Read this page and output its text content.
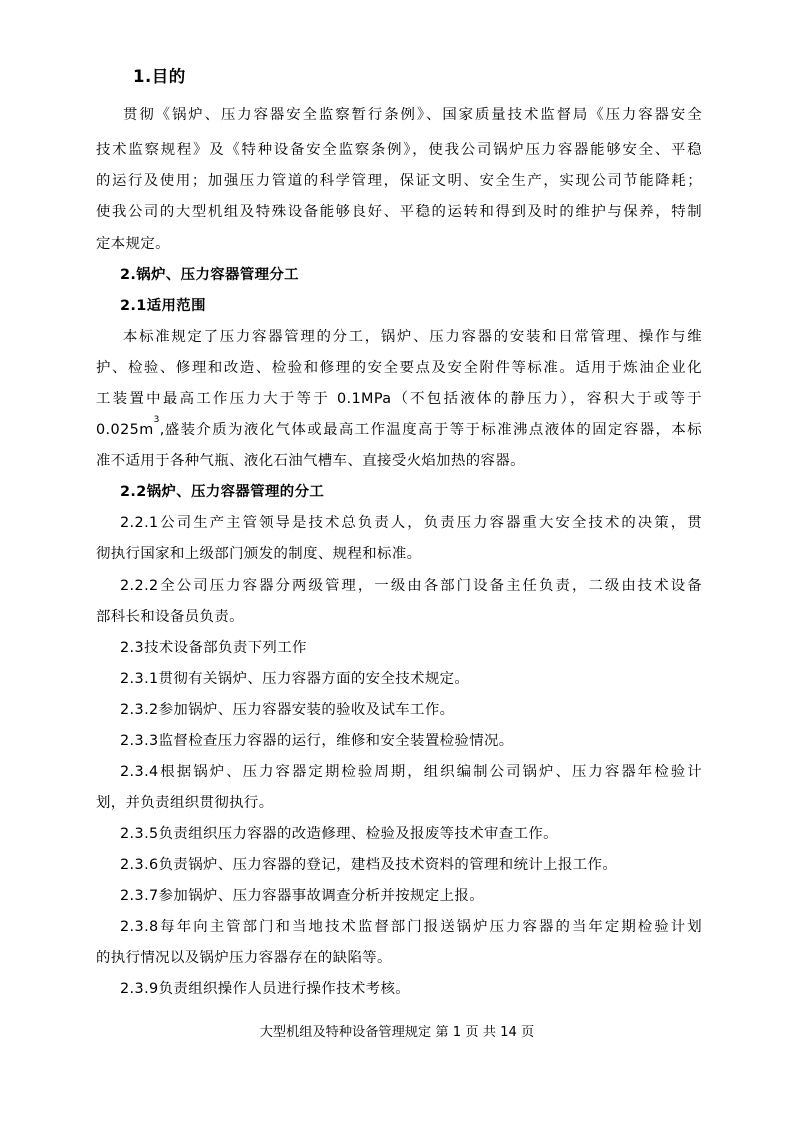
1.目的
贯彻《锅炉、压力容器安全监察暂行条例》、国家质量技术监督局《压力容器安全
技术监察规程》及《特种设备安全监察条例》，使我公司锅炉压力容器能够安全、平稳
的运行及使用；加强压力管道的科学管理，保证文明、安全生产，实现公司节能降耗；
使我公司的大型机组及特殊设备能够良好、平稳的运转和得到及时的维护与保养，特制
定本规定。
2.锅炉、压力容器管理分工
2.1适用范围
本标准规定了压力容器管理的分工，锅炉、压力容器的安装和日常管理、操作与维
护、检验、修理和改造、检验和修理的安全要点及安全附件等标准。适用于炼油企业化
工装置中最高工作压力大于等于 0.1MPa（不包括液体的静压力），容积大于或等于
0.025m
3
, 盛装介质为液化气体或最高工作温度高于等于标准沸点液体的固定容器，本标
准不适用于各种气瓶、液化石油气槽车、直接受火焰加热的容器。
2.2锅炉、压力容器管理的分工
2.2.1公司生产主管领导是技术总负责人，负责压力容器重大安全技术的决策，贯
彻执行国家和上级部门颁发的制度、规程和标准。
2.2.2全公司压力容器分两级管理，一级由各部门设备主任负责，二级由技术设备
部科长和设备员负责。
2.3技术设备部负责下列工作
2.3.1贯彻有关锅炉、压力容器方面的安全技术规定。
2.3.2参加锅炉、压力容器安装的验收及试车工作。
2.3.3监督检查压力容器的运行，维修和安全装置检验情况。
2.3.4根据锅炉、压力容器定期检验周期，组织编制公司锅炉、压力容器年检验计
划，并负责组织贯彻执行。
2.3.5负责组织压力容器的改造修理、检验及报废等技术审查工作。
2.3.6负责锅炉、压力容器的登记，建档及技术资料的管理和统计上报工作。
2.3.7参加锅炉、压力容器事故调查分析并按规定上报。
2.3.8每年向主管部门和当地技术监督部门报送锅炉压力容器的当年定期检验计划
的执行情况以及锅炉压力容器存在的缺陷等。
2.3.9负责组织操作人员进行操作技术考核。
大型机组及特种设备管理规定 第 1 页 共 14 页
